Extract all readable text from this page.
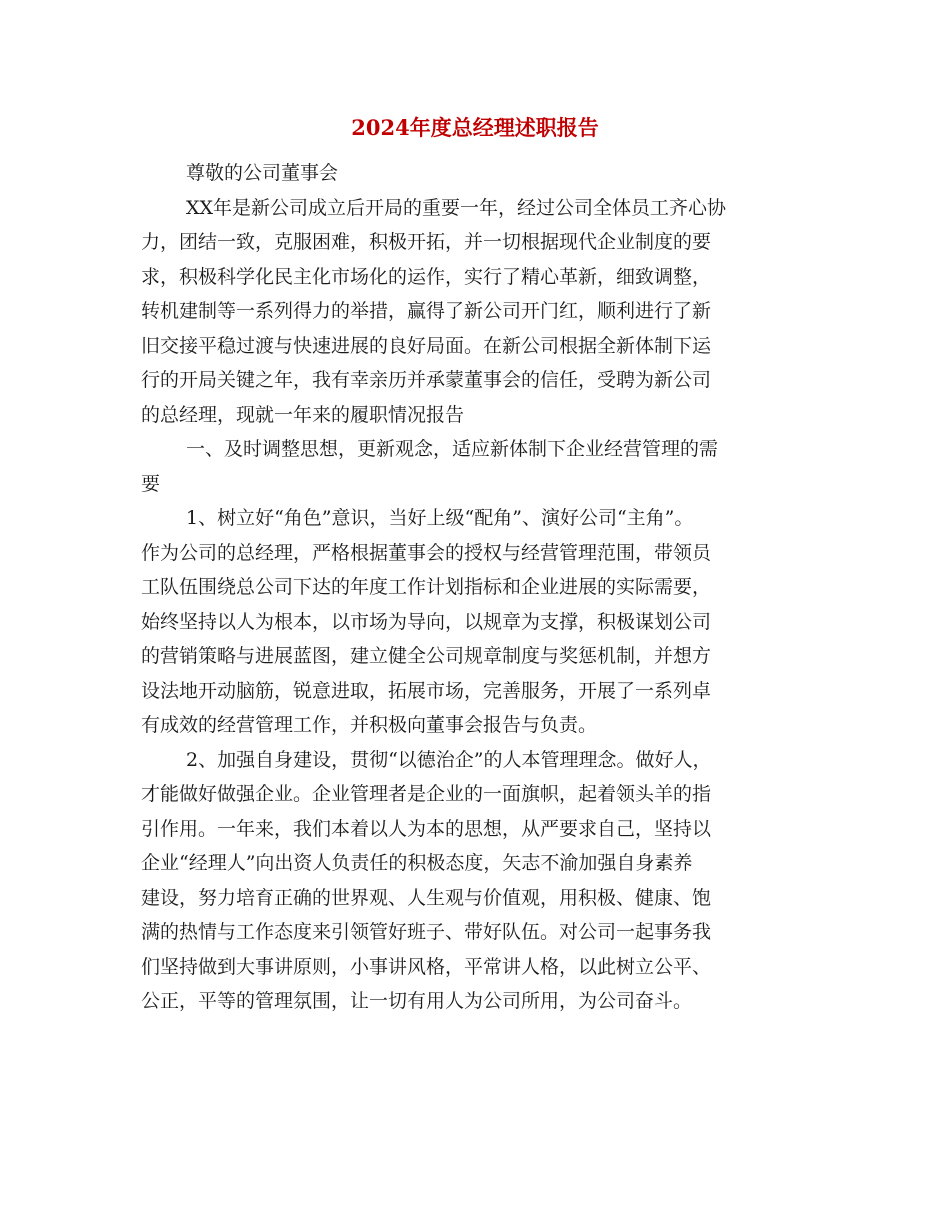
2024年度总经理述职报告

尊敬的公司董事会

XX年是新公司成立后开局的重要一年，经过公司全体员工齐心协

力，团结一致，克服困难，积极开拓，并一切根据现代企业制度的要

求，积极科学化民主化市场化的运作，实行了精心革新，细致调整，

转机建制等一系列得力的举措，赢得了新公司开门红，顺利进行了新

旧交接平稳过渡与快速进展的良好局面。在新公司根据全新体制下运

行的开局关键之年，我有幸亲历并承蒙董事会的信任，受聘为新公司

的总经理，现就一年来的履职情况报告

一、及时调整思想，更新观念，适应新体制下企业经营管理的需

要

1、树立好“角色”意识，当好上级“配角”、演好公司“主角”。

作为公司的总经理，严格根据董事会的授权与经营管理范围，带领员

工队伍围绕总公司下达的年度工作计划指标和企业进展的实际需要，

始终坚持以人为根本，以市场为导向，以规章为支撑，积极谋划公司

的营销策略与进展蓝图，建立健全公司规章制度与奖惩机制，并想方

设法地开动脑筋，锐意进取，拓展市场，完善服务，开展了一系列卓

有成效的经营管理工作，并积极向董事会报告与负责。

2、加强自身建设，贯彻“以德治企”的人本管理理念。做好人，

才能做好做强企业。企业管理者是企业的一面旗帜，起着领头羊的指

引作用。一年来，我们本着以人为本的思想，从严要求自己，坚持以

企业“经理人”向出资人负责任的积极态度，矢志不渝加强自身素养

建设，努力培育正确的世界观、人生观与价值观，用积极、健康、饱

满的热情与工作态度来引领管好班子、带好队伍。对公司一起事务我

们坚持做到大事讲原则，小事讲风格，平常讲人格，以此树立公平、

公正，平等的管理氛围，让一切有用人为公司所用，为公司奋斗。
